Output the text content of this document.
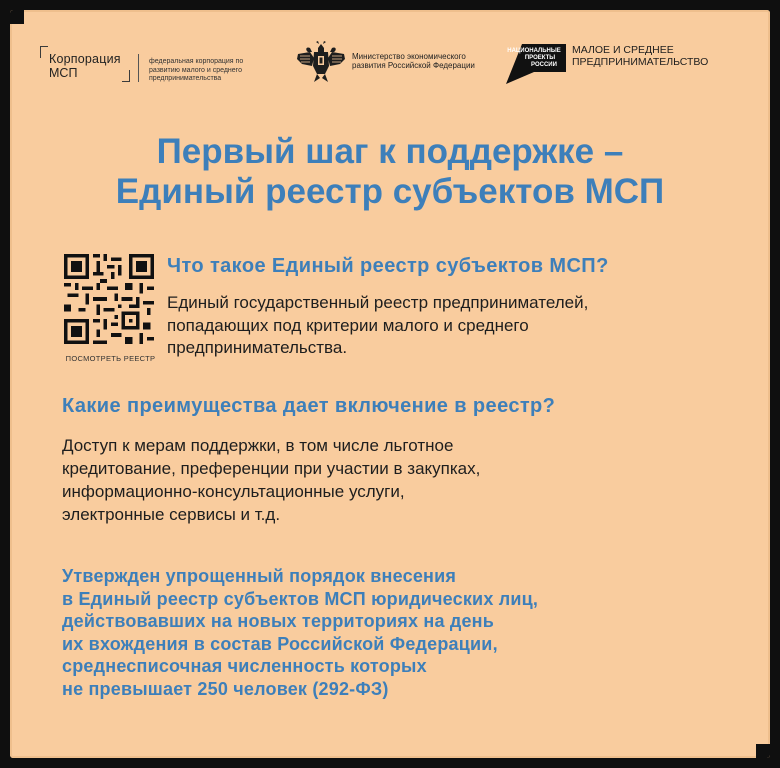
Корпорация
МСП
федеральная корпорация по развитию малого и среднего предпринимательства
Министерство экономического развития Российской Федерации
НАЦИОНАЛЬНЫЕ
ПРОЕКТЫ
РОССИИ
МАЛОЕ И СРЕДНЕЕ
ПРЕДПРИНИМАТЕЛЬСТВО
Первый шаг к поддержке –
Единый реестр субъектов МСП
ПОСМОТРЕТЬ РЕЕСТР
Что такое Единый реестр субъектов МСП?
Единый государственный реестр предпринимателей,
попадающих под критерии малого и среднего
предпринимательства.
Какие преимущества дает включение в реестр?
Доступ к мерам поддержки, в том числе льготное
кредитование, преференции при участии в закупках,
информационно-консультационные услуги,
электронные сервисы и т.д.
Утвержден упрощенный порядок внесения
в Единый реестр субъектов МСП юридических лиц,
действовавших на новых территориях на день
их вхождения в состав Российской Федерации,
среднесписочная численность которых
не превышает 250 человек (292-ФЗ)
